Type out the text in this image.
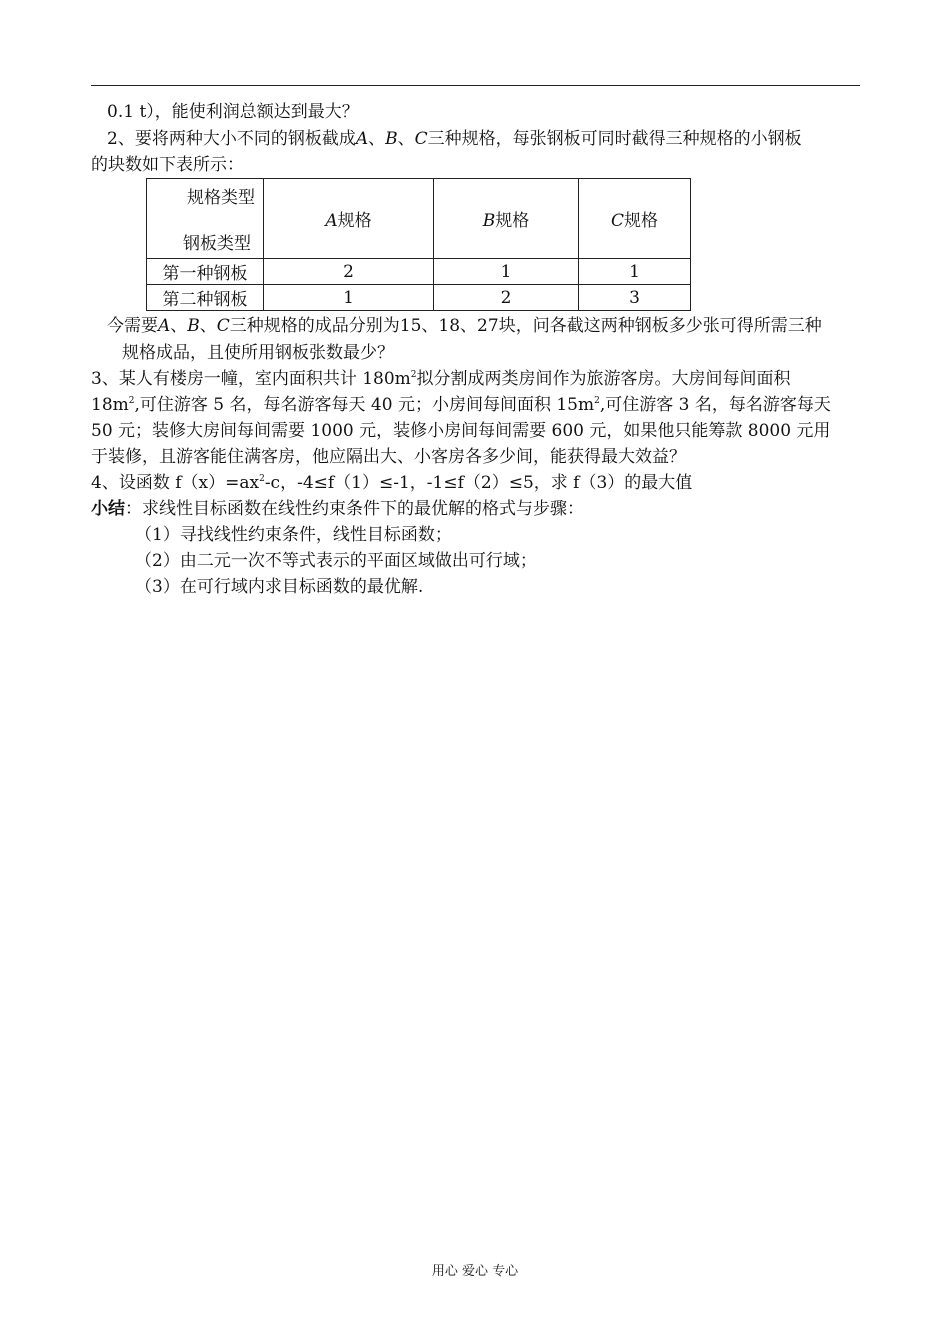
0.1 t），能使利润总额达到最大？
2、要将两种大小不同的钢板截成A、B、C三种规格，每张钢板可同时截得三种规格的小钢板
的块数如下表所示：
规格类型
钢板类型	A规格	B规格	C规格
第一种钢板	2	1	1
第二种钢板	1	2	3
今需要A、B、C三种规格的成品分别为15、18、27块，问各截这两种钢板多少张可得所需三种
规格成品，且使所用钢板张数最少？
3、某人有楼房一幢，室内面积共计 $180m^2$拟分割成两类房间作为旅游客房。大房间每间面积
$18m^2$,可住游客 5 名，每名游客每天 40 元；小房间每间面积 $15m^2$,可住游客 3 名，每名游客每天
50 元；装修大房间每间需要 1000 元，装修小房间每间需要 600 元，如果他只能筹款 8000 元用
于装修，且游客能住满客房，他应隔出大、小客房各多少间，能获得最大效益？
4、设函数 $f(x)=ax^2-c$，-4≤f（1）≤-1，-1≤f（2）≤5，求 f（3）的最大值
小结：求线性目标函数在线性约束条件下的最优解的格式与步骤：
（1）寻找线性约束条件，线性目标函数；
（2）由二元一次不等式表示的平面区域做出可行域；
（3）在可行域内求目标函数的最优解.
用心 爱心 专心
